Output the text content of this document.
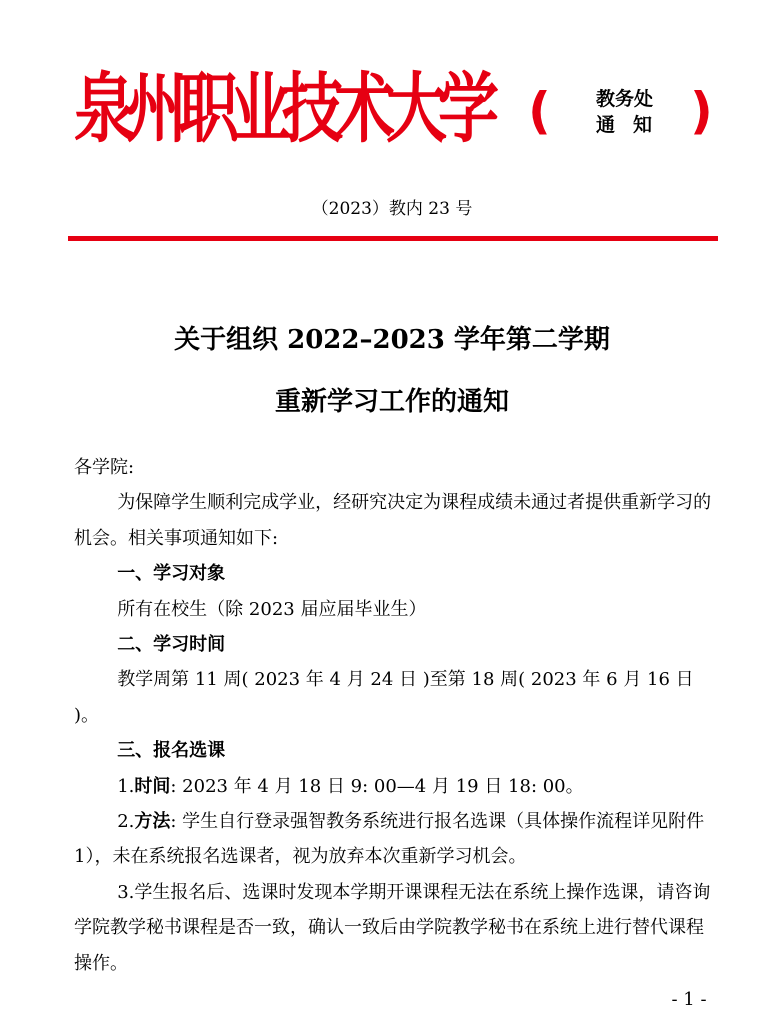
泉州职业技术大学 ( 教务处
通知 )
（2023）教内 23 号
关于组织 2022–2023 学年第二学期
重新学习工作的通知

各学院:

为保障学生顺利完成学业，经研究决定为课程成绩未通过者提供重新学习的机会。相关事项通知如下:

一、学习对象

所有在校生（除 2023 届应届毕业生）

二、学习时间

教学周第 11 周( 2023 年 4 月 24 日 )至第 18 周( 2023 年 6 月 16 日 )。

三、报名选课

1.时间: 2023 年 4 月 18 日 9: 00—4 月 19 日 18: 00。

2.方法: 学生自行登录强智教务系统进行报名选课（具体操作流程详见附件 1），未在系统报名选课者，视为放弃本次重新学习机会。

3.学生报名后、选课时发现本学期开课课程无法在系统上操作选课，请咨询学院教学秘书课程是否一致，确认一致后由学院教学秘书在系统上进行替代课程操作。

- 1 -
